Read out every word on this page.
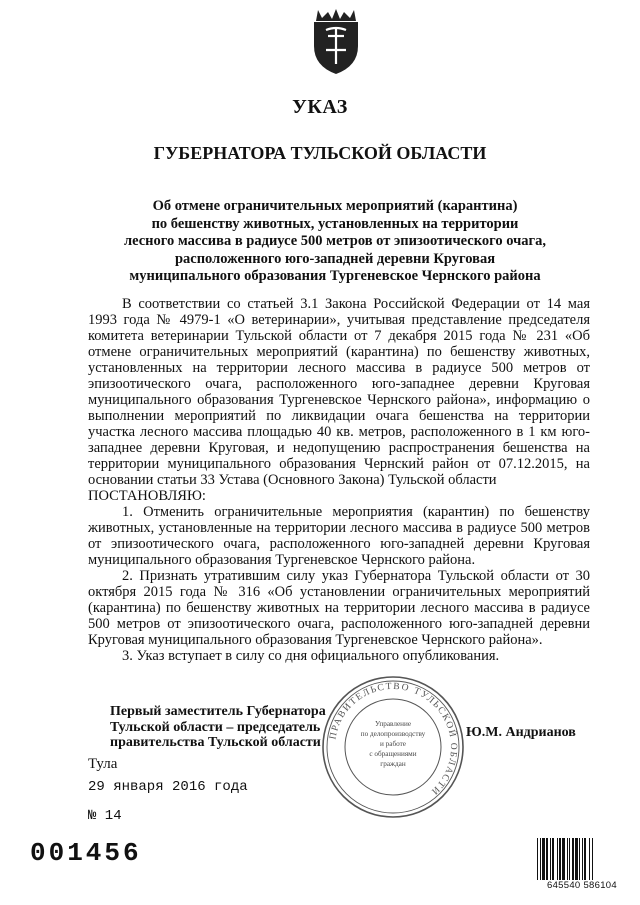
УКАЗ
ГУБЕРНАТОРА ТУЛЬСКОЙ ОБЛАСТИ
Об отмене ограничительных мероприятий (карантина)
по бешенству животных, установленных на территории
лесного массива в радиусе 500 метров от эпизоотического очага,
расположенного юго-западней деревни Круговая
муниципального образования Тургеневское Чернского района

В соответствии со статьей 3.1 Закона Российской Федерации от 14 мая 1993 года № 4979-1 «О ветеринарии», учитывая представление председателя комитета ветеринарии Тульской области от 7 декабря 2015 года № 231 «Об отмене ограничительных мероприятий (карантина) по бешенству животных, установленных на территории лесного массива в радиусе 500 метров от эпизоотического очага, расположенного юго-западнее деревни Круговая муниципального образования Тургеневское Чернского района», информацию о выполнении мероприятий по ликвидации очага бешенства на территории участка лесного массива площадью 40 кв. метров, расположенного в 1 км юго-западнее деревни Круговая, и недопущению распространения бешенства на территории муниципального образования Чернский район от 07.12.2015, на основании статьи 33 Устава (Основного Закона) Тульской области

ПОСТАНОВЛЯЮ:

1. Отменить ограничительные мероприятия (карантин) по бешенству животных, установленные на территории лесного массива в радиусе 500 метров от эпизоотического очага, расположенного юго-западней деревни Круговая муниципального образования Тургеневское Чернского района.

2. Признать утратившим силу указ Губернатора Тульской области от 30 октября 2015 года № 316 «Об установлении ограничительных мероприятий (карантина) по бешенству животных на территории лесного массива в радиусе 500 метров от эпизоотического очага, расположенного юго-западней деревни Круговая муниципального образования Тургеневское Чернского района».

3. Указ вступает в силу со дня официального опубликования.

Первый заместитель Губернатора
Тульской области – председатель
правительства Тульской области ПРАВИТЕЛЬСТВО ТУЛЬСКОЙ ОБЛАСТИ
Управление
по делопроизводству
и работе
с обращениями
граждан
Ю.М. Андрианов
Тула
29 января 2016 года
№ 14
001456
645540 586104
